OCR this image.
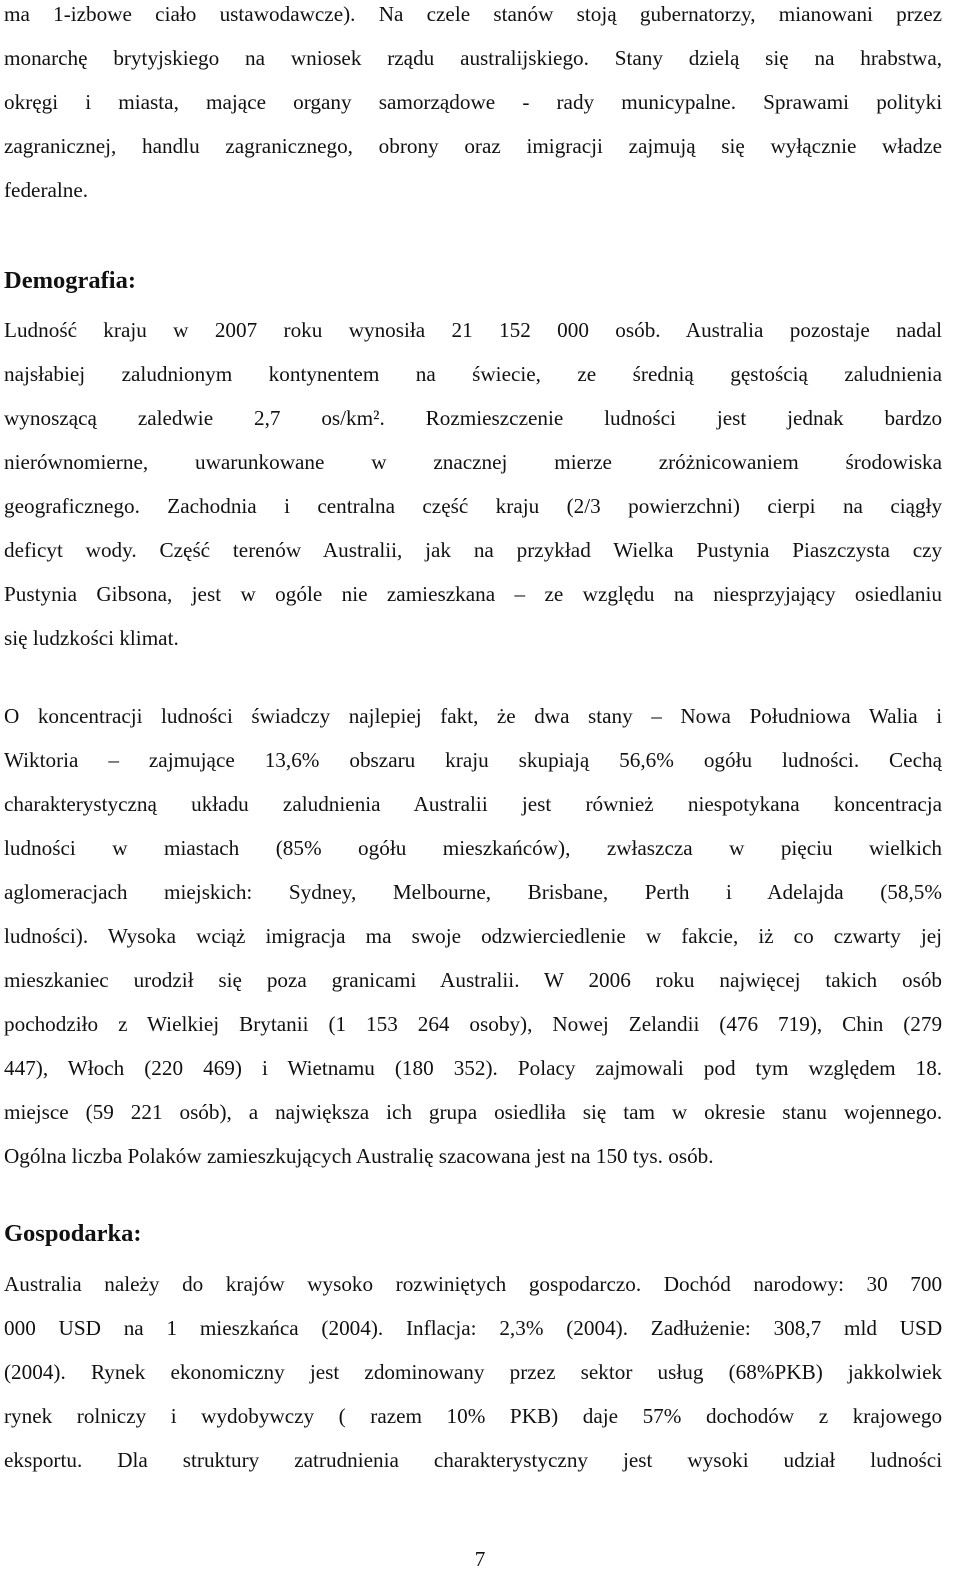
ma 1-izbowe ciało ustawodawcze). Na czele stanów stoją gubernatorzy, mianowani przez
monarchę brytyjskiego na wniosek rządu australijskiego. Stany dzielą się na hrabstwa,
okręgi i miasta, mające organy samorządowe - rady municypalne. Sprawami polityki
zagranicznej, handlu zagranicznego, obrony oraz imigracji zajmują się wyłącznie władze
federalne.
Demografia:
Ludność kraju w 2007 roku wynosiła 21 152 000 osób. Australia pozostaje nadal
najsłabiej zaludnionym kontynentem na świecie, ze średnią gęstością zaludnienia
wynoszącą zaledwie 2,7 os/km². Rozmieszczenie ludności jest jednak bardzo
nierównomierne, uwarunkowane w znacznej mierze zróżnicowaniem środowiska
geograficznego. Zachodnia i centralna część kraju (2/3 powierzchni) cierpi na ciągły
deficyt wody. Część terenów Australii, jak na przykład Wielka Pustynia Piaszczysta czy
Pustynia Gibsona, jest w ogóle nie zamieszkana – ze względu na niesprzyjający osiedlaniu
się ludzkości klimat.
O koncentracji ludności świadczy najlepiej fakt, że dwa stany – Nowa Południowa Walia i
Wiktoria – zajmujące 13,6% obszaru kraju skupiają 56,6% ogółu ludności. Cechą
charakterystyczną układu zaludnienia Australii jest również niespotykana koncentracja
ludności w miastach (85% ogółu mieszkańców), zwłaszcza w pięciu wielkich
aglomeracjach miejskich: Sydney, Melbourne, Brisbane, Perth i Adelajda (58,5%
ludności). Wysoka wciąż imigracja ma swoje odzwierciedlenie w fakcie, iż co czwarty jej
mieszkaniec urodził się poza granicami Australii. W 2006 roku najwięcej takich osób
pochodziło z Wielkiej Brytanii (1 153 264 osoby), Nowej Zelandii (476 719), Chin (279
447), Włoch (220 469) i Wietnamu (180 352). Polacy zajmowali pod tym względem 18.
miejsce (59 221 osób), a największa ich grupa osiedliła się tam w okresie stanu wojennego.
Ogólna liczba Polaków zamieszkujących Australię szacowana jest na 150 tys. osób.
Gospodarka:
Australia należy do krajów wysoko rozwiniętych gospodarczo. Dochód narodowy: 30 700
000 USD na 1 mieszkańca (2004). Inflacja: 2,3% (2004). Zadłużenie: 308,7 mld USD
(2004). Rynek ekonomiczny jest zdominowany przez sektor usług (68%PKB) jakkolwiek
rynek rolniczy i wydobywczy ( razem 10% PKB) daje 57% dochodów z krajowego
eksportu. Dla struktury zatrudnienia charakterystyczny jest wysoki udział ludności
7
